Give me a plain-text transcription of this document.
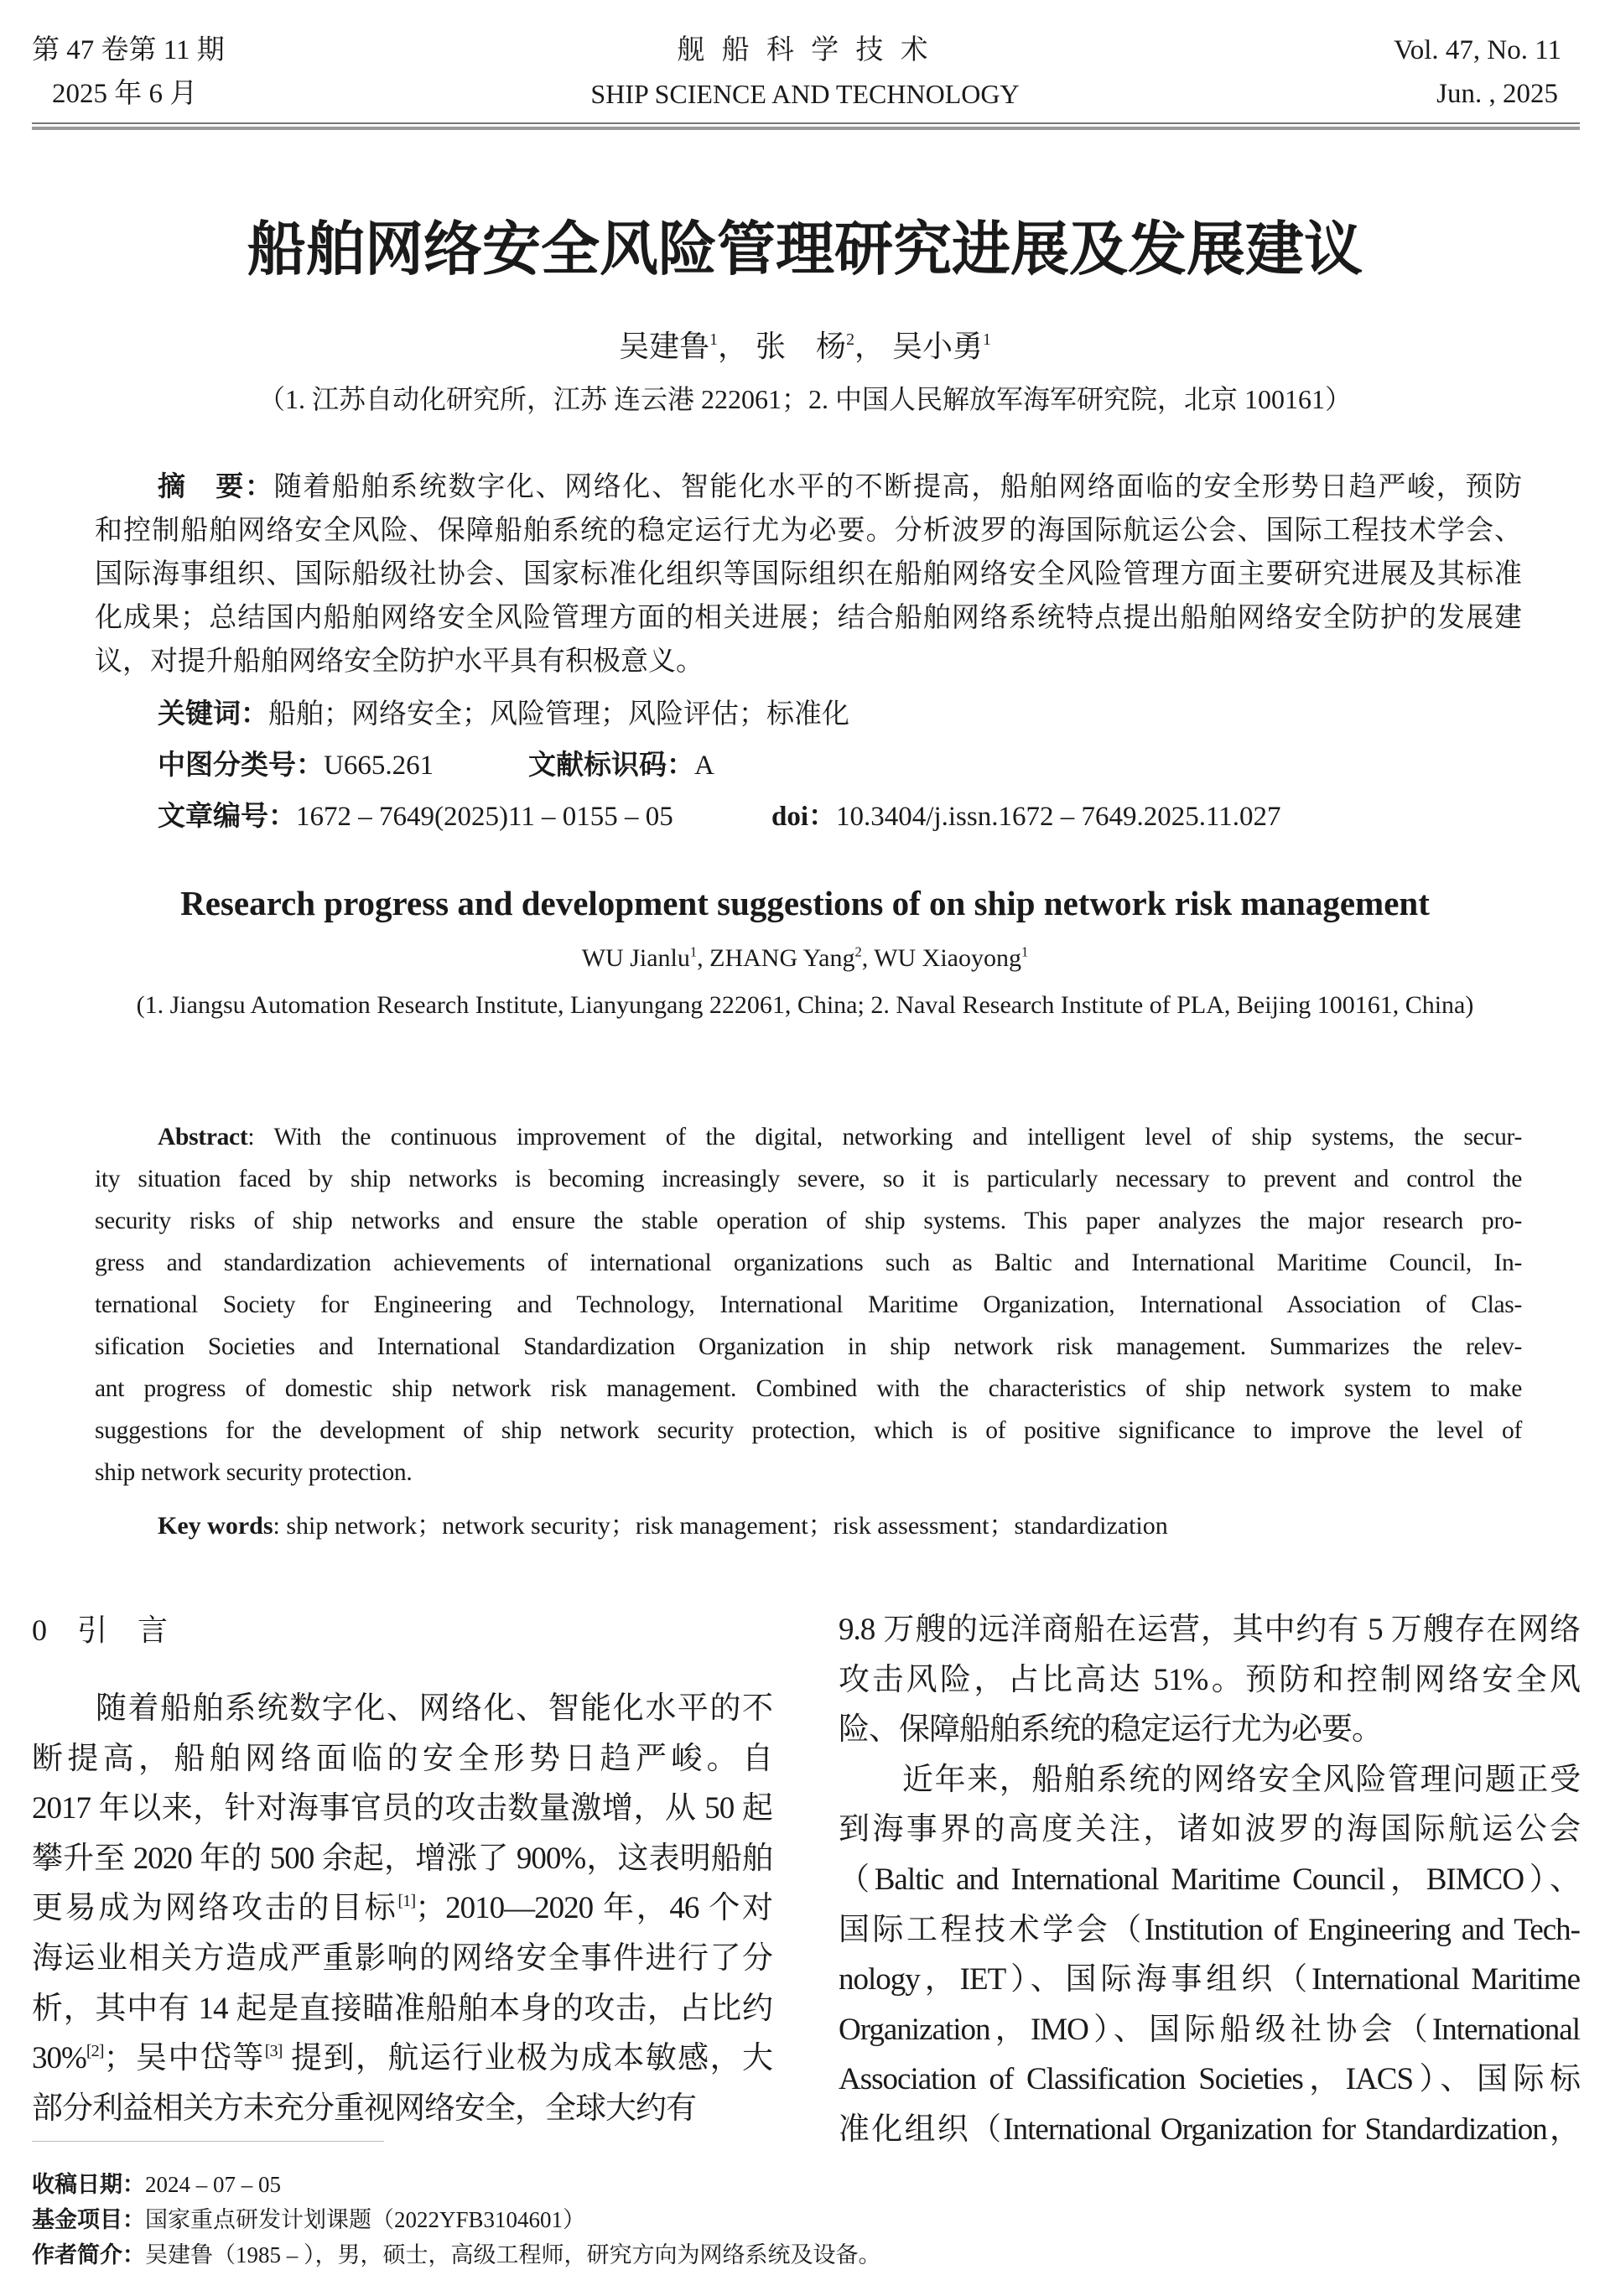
第 47 卷第 11 期
2025 年 6 月
舰 船 科 学 技 术
SHIP SCIENCE AND TECHNOLOGY
Vol. 47, No. 11
Jun. , 2025
船舶网络安全风险管理研究进展及发展建议
吴建鲁$^1$， 张　杨$^2$， 吴小勇$^1$
（1. 江苏自动化研究所，江苏 连云港 222061；2. 中国人民解放军海军研究院，北京 100161）
摘　要：随着船舶系统数字化、网络化、智能化水平的不断提高，船舶网络面临的安全形势日趋严峻，预防
和控制船舶网络安全风险、保障船舶系统的稳定运行尤为必要。分析波罗的海国际航运公会、国际工程技术学会、
国际海事组织、国际船级社协会、国家标准化组织等国际组织在船舶网络安全风险管理方面主要研究进展及其标准
化成果；总结国内船舶网络安全风险管理方面的相关进展；结合船舶网络系统特点提出船舶网络安全防护的发展建
议，对提升船舶网络安全防护水平具有积极意义。
关键词：船舶；网络安全；风险管理；风险评估；标准化
中图分类号：U665.261	文献标识码：A
文章编号：1672 – 7649(2025)11 – 0155 – 05	doi：10.3404/j.issn.1672 – 7649.2025.11.027
Research progress and development suggestions of on ship network risk management
WU Jianlu$^1$, ZHANG Yang$^2$, WU Xiaoyong$^1$
(1. Jiangsu Automation Research Institute, Lianyungang 222061, China; 2. Naval Research Institute of PLA, Beijing 100161, China)
Abstract: With the continuous improvement of the digital, networking and intelligent level of ship systems, the secur-
ity situation faced by ship networks is becoming increasingly severe, so it is particularly necessary to prevent and control the
security risks of ship networks and ensure the stable operation of ship systems. This paper analyzes the major research pro-
gress and standardization achievements of international organizations such as Baltic and International Maritime Council, In-
ternational Society for Engineering and Technology, International Maritime Organization, International Association of Clas-
sification Societies and International Standardization Organization in ship network risk management. Summarizes the relev-
ant progress of domestic ship network risk management. Combined with the characteristics of ship network system to make
suggestions for the development of ship network security protection, which is of positive significance to improve the level of
ship network security protection.
Key words: ship network；network security；risk management；risk assessment；standardization
0 引　言
随着船舶系统数字化、网络化、智能化水平的不
断提高，船舶网络面临的安全形势日趋严峻。自
2017 年以来，针对海事官员的攻击数量激增，从 50 起
攀升至 2020 年的 500 余起，增涨了 900%，这表明船舶
更易成为网络攻击的目标[1]；2010—2020 年，46 个对
海运业相关方造成严重影响的网络安全事件进行了分
析，其中有 14 起是直接瞄准船舶本身的攻击，占比约
30%[2]；吴中岱等[3] 提到，航运行业极为成本敏感，大
部分利益相关方未充分重视网络安全，全球大约有
9.8 万艘的远洋商船在运营，其中约有 5 万艘存在网络
攻击风险，占比高达 51%。预防和控制网络安全风
险、保障船舶系统的稳定运行尤为必要。
近年来，船舶系统的网络安全风险管理问题正受
到海事界的高度关注，诸如波罗的海国际航运公会
（Baltic and International Maritime Council，BIMCO）、
国际工程技术学会（Institution of Engineering and Tech-
nology，IET）、国际海事组织（International Maritime
Organization，IMO）、国际船级社协会（International
Association of Classification Societies，IACS）、国际标
准化组织（International Organization for Standardization，
收稿日期：2024 – 07 – 05
基金项目：国家重点研发计划课题（2022YFB3104601）
作者简介：吴建鲁（1985 – ），男，硕士，高级工程师，研究方向为网络系统及设备。
